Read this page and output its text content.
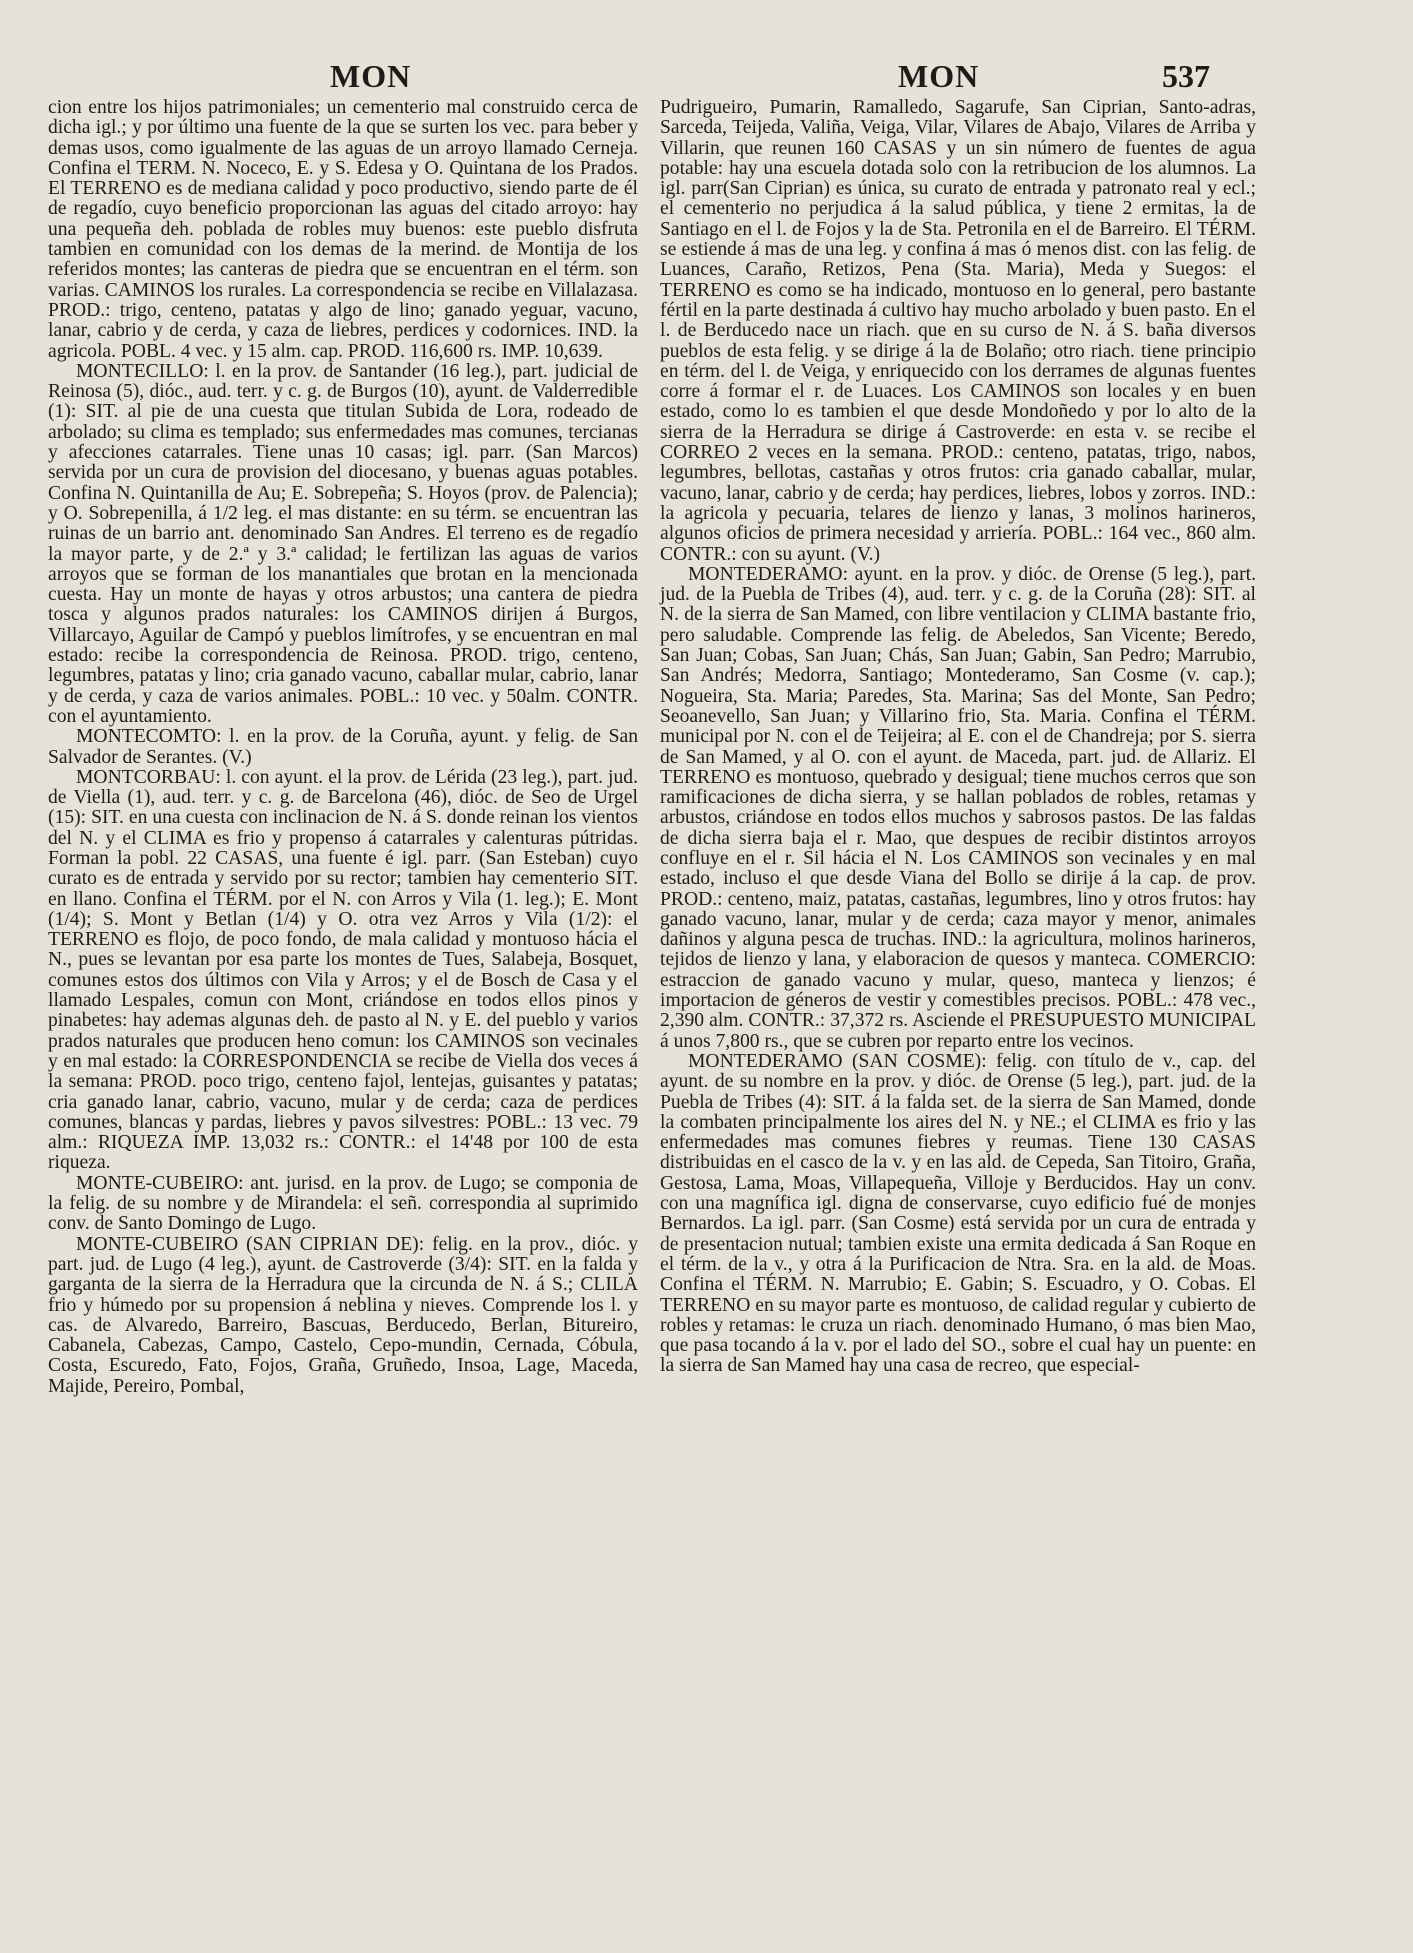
MON	MON	537

cion entre los hijos patrimoniales; un cementerio mal construido cerca de dicha igl.; y por último una fuente de la que se surten los vec. para beber y demas usos, como igualmente de las aguas de un arroyo llamado Cerneja. Confina el TERM. N. Noceco, E. y S. Edesa y O. Quintana de los Prados. El TERRENO es de mediana calidad y poco productivo, siendo parte de él de regadío, cuyo beneficio proporcionan las aguas del citado arroyo: hay una pequeña deh. poblada de robles muy buenos: este pueblo disfruta tambien en comunidad con los demas de la merind. de Montija de los referidos montes; las canteras de piedra que se encuentran en el térm. son varias. CAMINOS los rurales. La correspondencia se recibe en Villalazasa. PROD.: trigo, centeno, patatas y algo de lino; ganado yeguar, vacuno, lanar, cabrio y de cerda, y caza de liebres, perdices y codornices. IND. la agricola. POBL. 4 vec. y 15 alm. cap. PROD. 116,600 rs. IMP. 10,639.

MONTECILLO: l. en la prov. de Santander (16 leg.), part. judicial de Reinosa (5), dióc., aud. terr. y c. g. de Burgos (10), ayunt. de Valderredible (1): SIT. al pie de una cuesta que titulan Subida de Lora, rodeado de arbolado; su clima es templado; sus enfermedades mas comunes, tercianas y afecciones catarrales. Tiene unas 10 casas; igl. parr. (San Marcos) servida por un cura de provision del diocesano, y buenas aguas potables. Confina N. Quintanilla de Au; E. Sobrepeña; S. Hoyos (prov. de Palencia); y O. Sobrepenilla, á 1/2 leg. el mas distante: en su térm. se encuentran las ruinas de un barrio ant. denominado San Andres. El terreno es de regadío la mayor parte, y de 2.ª y 3.ª calidad; le fertilizan las aguas de varios arroyos que se forman de los manantiales que brotan en la mencionada cuesta. Hay un monte de hayas y otros arbustos; una cantera de piedra tosca y algunos prados naturales: los CAMINOS dirijen á Burgos, Villarcayo, Aguilar de Campó y pueblos limítrofes, y se encuentran en mal estado: recibe la correspondencia de Reinosa. PROD. trigo, centeno, legumbres, patatas y lino; cria ganado vacuno, caballar mular, cabrio, lanar y de cerda, y caza de varios animales. POBL.: 10 vec. y 50alm. CONTR. con el ayuntamiento.

MONTECOMTO: l. en la prov. de la Coruña, ayunt. y felig. de San Salvador de Serantes. (V.)

MONTCORBAU: l. con ayunt. el la prov. de Lérida (23 leg.), part. jud. de Viella (1), aud. terr. y c. g. de Barcelona (46), dióc. de Seo de Urgel (15): SIT. en una cuesta con inclinacion de N. á S. donde reinan los vientos del N. y el CLIMA es frio y propenso á catarrales y calenturas pútridas. Forman la pobl. 22 CASAS, una fuente é igl. parr. (San Esteban) cuyo curato es de entrada y servido por su rector; tambien hay cementerio SIT. en llano. Confina el TÉRM. por el N. con Arros y Vila (1. leg.); E. Mont (1/4); S. Mont y Betlan (1/4) y O. otra vez Arros y Vila (1/2): el TERRENO es flojo, de poco fondo, de mala calidad y montuoso hácia el N., pues se levantan por esa parte los montes de Tues, Salabeja, Bosquet, comunes estos dos últimos con Vila y Arros; y el de Bosch de Casa y el llamado Lespales, comun con Mont, criándose en todos ellos pinos y pinabetes: hay ademas algunas deh. de pasto al N. y E. del pueblo y varios prados naturales que producen heno comun: los CAMINOS son vecinales y en mal estado: la CORRESPONDENCIA se recibe de Viella dos veces á la semana: PROD. poco trigo, centeno fajol, lentejas, guisantes y patatas; cria ganado lanar, cabrio, vacuno, mular y de cerda; caza de perdices comunes, blancas y pardas, liebres y pavos silvestres: POBL.: 13 vec. 79 alm.: RIQUEZA IMP. 13,032 rs.: CONTR.: el 14'48 por 100 de esta riqueza.

MONTE-CUBEIRO: ant. jurisd. en la prov. de Lugo; se componia de la felig. de su nombre y de Mirandela: el señ. correspondia al suprimido conv. de Santo Domingo de Lugo.

MONTE-CUBEIRO (SAN CIPRIAN DE): felig. en la prov., dióc. y part. jud. de Lugo (4 leg.), ayunt. de Castroverde (3/4): SIT. en la falda y garganta de la sierra de la Herradura que la circunda de N. á S.; CLILA frio y húmedo por su propension á neblina y nieves. Comprende los l. y cas. de Alvaredo, Barreiro, Bascuas, Berducedo, Berlan, Bitureiro, Cabanela, Cabezas, Campo, Castelo, Cepo-mundin, Cernada, Cóbula, Costa, Escuredo, Fato, Fojos, Graña, Gruñedo, Insoa, Lage, Maceda, Majide, Pereiro, Pombal,

Pudrigueiro, Pumarin, Ramalledo, Sagarufe, San Ciprian, Santo-adras, Sarceda, Teijeda, Valiña, Veiga, Vilar, Vilares de Abajo, Vilares de Arriba y Villarin, que reunen 160 CASAS y un sin número de fuentes de agua potable: hay una escuela dotada solo con la retribucion de los alumnos. La igl. parr(San Ciprian) es única, su curato de entrada y patronato real y ecl.; el cementerio no perjudica á la salud pública, y tiene 2 ermitas, la de Santiago en el l. de Fojos y la de Sta. Petronila en el de Barreiro. El TÉRM. se estiende á mas de una leg. y confina á mas ó menos dist. con las felig. de Luances, Caraño, Retizos, Pena (Sta. Maria), Meda y Suegos: el TERRENO es como se ha indicado, montuoso en lo general, pero bastante fértil en la parte destinada á cultivo hay mucho arbolado y buen pasto. En el l. de Berducedo nace un riach. que en su curso de N. á S. baña diversos pueblos de esta felig. y se dirige á la de Bolaño; otro riach. tiene principio en térm. del l. de Veiga, y enriquecido con los derrames de algunas fuentes corre á formar el r. de Luaces. Los CAMINOS son locales y en buen estado, como lo es tambien el que desde Mondoñedo y por lo alto de la sierra de la Herradura se dirige á Castroverde: en esta v. se recibe el CORREO 2 veces en la semana. PROD.: centeno, patatas, trigo, nabos, legumbres, bellotas, castañas y otros frutos: cria ganado caballar, mular, vacuno, lanar, cabrio y de cerda; hay perdices, liebres, lobos y zorros. IND.: la agricola y pecuaria, telares de lienzo y lanas, 3 molinos harineros, algunos oficios de primera necesidad y arriería. POBL.: 164 vec., 860 alm. CONTR.: con su ayunt. (V.)

MONTEDERAMO: ayunt. en la prov. y dióc. de Orense (5 leg.), part. jud. de la Puebla de Tribes (4), aud. terr. y c. g. de la Coruña (28): SIT. al N. de la sierra de San Mamed, con libre ventilacion y CLIMA bastante frio, pero saludable. Comprende las felig. de Abeledos, San Vicente; Beredo, San Juan; Cobas, San Juan; Chás, San Juan; Gabin, San Pedro; Marrubio, San Andrés; Medorra, Santiago; Montederamo, San Cosme (v. cap.); Nogueira, Sta. Maria; Paredes, Sta. Marina; Sas del Monte, San Pedro; Seoanevello, San Juan; y Villarino frio, Sta. Maria. Confina el TÉRM. municipal por N. con el de Teijeira; al E. con el de Chandreja; por S. sierra de San Mamed, y al O. con el ayunt. de Maceda, part. jud. de Allariz. El TERRENO es montuoso, quebrado y desigual; tiene muchos cerros que son ramificaciones de dicha sierra, y se hallan poblados de robles, retamas y arbustos, criándose en todos ellos muchos y sabrosos pastos. De las faldas de dicha sierra baja el r. Mao, que despues de recibir distintos arroyos confluye en el r. Sil hácia el N. Los CAMINOS son vecinales y en mal estado, incluso el que desde Viana del Bollo se dirije á la cap. de prov. PROD.: centeno, maiz, patatas, castañas, legumbres, lino y otros frutos: hay ganado vacuno, lanar, mular y de cerda; caza mayor y menor, animales dañinos y alguna pesca de truchas. IND.: la agricultura, molinos harineros, tejidos de lienzo y lana, y elaboracion de quesos y manteca. COMERCIO: estraccion de ganado vacuno y mular, queso, manteca y lienzos; é importacion de géneros de vestir y comestibles precisos. POBL.: 478 vec., 2,390 alm. CONTR.: 37,372 rs. Asciende el PRESUPUESTO MUNICIPAL á unos 7,800 rs., que se cubren por reparto entre los vecinos.

MONTEDERAMO (SAN COSME): felig. con título de v., cap. del ayunt. de su nombre en la prov. y dióc. de Orense (5 leg.), part. jud. de la Puebla de Tribes (4): SIT. á la falda set. de la sierra de San Mamed, donde la combaten principalmente los aires del N. y NE.; el CLIMA es frio y las enfermedades mas comunes fiebres y reumas. Tiene 130 CASAS distribuidas en el casco de la v. y en las ald. de Cepeda, San Titoiro, Graña, Gestosa, Lama, Moas, Villapequeña, Villoje y Berducidos. Hay un conv. con una magnífica igl. digna de conservarse, cuyo edificio fué de monjes Bernardos. La igl. parr. (San Cosme) está servida por un cura de entrada y de presentacion nutual; tambien existe una ermita dedicada á San Roque en el térm. de la v., y otra á la Purificacion de Ntra. Sra. en la ald. de Moas. Confina el TÉRM. N. Marrubio; E. Gabin; S. Escuadro, y O. Cobas. El TERRENO en su mayor parte es montuoso, de calidad regular y cubierto de robles y retamas: le cruza un riach. denominado Humano, ó mas bien Mao, que pasa tocando á la v. por el lado del SO., sobre el cual hay un puente: en la sierra de San Mamed hay una casa de recreo, que especial-
